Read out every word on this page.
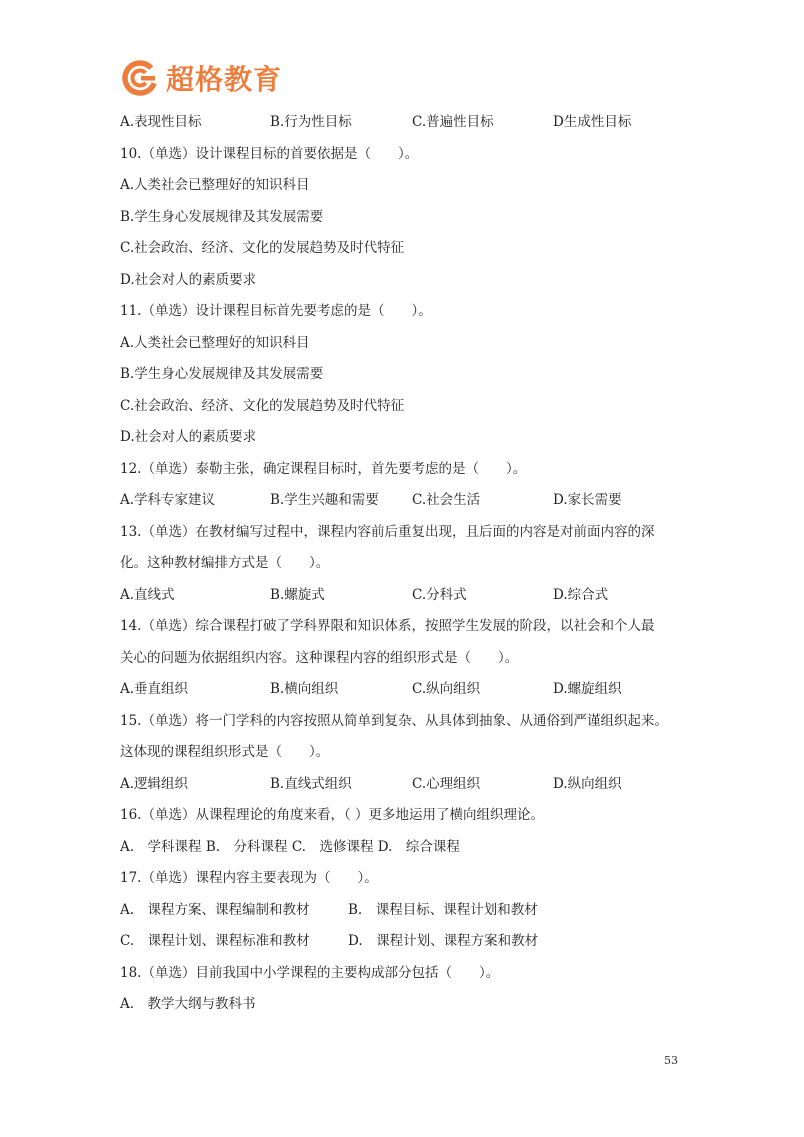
超格教育
A.表现性目标	B.行为性目标	C.普遍性目标	D生成性目标
10.（单选）设计课程目标的首要依据是（　　）。
A.人类社会已整理好的知识科目
B.学生身心发展规律及其发展需要
C.社会政治、经济、文化的发展趋势及时代特征
D.社会对人的素质要求
11.（单选）设计课程目标首先要考虑的是（　　）。
A.人类社会已整理好的知识科目
B.学生身心发展规律及其发展需要
C.社会政治、经济、文化的发展趋势及时代特征
D.社会对人的素质要求
12.（单选）泰勒主张，确定课程目标时，首先要考虑的是（　　）。
A.学科专家建议	B.学生兴趣和需要 C.社会生活	D.家长需要
13.（单选）在教材编写过程中，课程内容前后重复出现，且后面的内容是对前面内容的深
化。这种教材编排方式是（　　）。
A.直线式	B.螺旋式	C.分科式	D.综合式
14.（单选）综合课程打破了学科界限和知识体系，按照学生发展的阶段，以社会和个人最
关心的问题为依据组织内容。这种课程内容的组织形式是（　　）。
A.垂直组织	B.横向组织	C.纵向组织	D.螺旋组织
15.（单选）将一门学科的内容按照从简单到复杂、从具体到抽象、从通俗到严谨组织起来。
这体现的课程组织形式是（　　）。
A.逻辑组织	B.直线式组织	C.心理组织	D.纵向组织
16.（单选）从课程理论的角度来看，（ ）更多地运用了横向组织理论。
A.　学科课程 B.　分科课程 C.　选修课程 D.　综合课程
17.（单选）课程内容主要表现为（　　）。
A.　课程方案、课程编制和教材	B.　课程目标、课程计划和教材
C.　课程计划、课程标准和教材	D.　课程计划、课程方案和教材
18.（单选）目前我国中小学课程的主要构成部分包括（　　）。
A.　教学大纲与教科书
53
